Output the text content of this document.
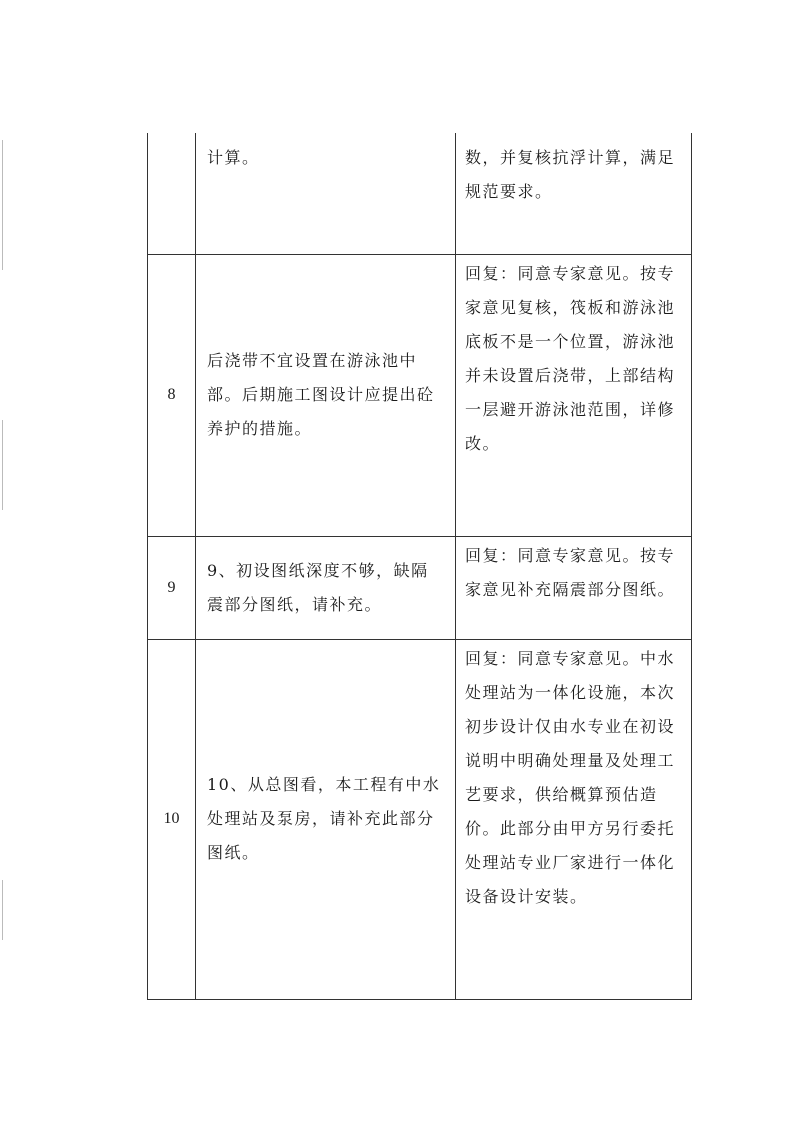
	计算。	数，并复核抗浮计算，满足规范要求。

8	后浇带不宜设置在游泳池中部。后期施工图设计应提出砼养护的措施。	回复：同意专家意见。按专家意见复核，筏板和游泳池底板不是一个位置，游泳池并未设置后浇带，上部结构一层避开游泳池范围，详修改。

9	9、初设图纸深度不够，缺隔震部分图纸，请补充。	回复：同意专家意见。按专家意见补充隔震部分图纸。

10	10、从总图看，本工程有中水处理站及泵房，请补充此部分图纸。	回复：同意专家意见。中水处理站为一体化设施，本次初步设计仅由水专业在初设说明中明确处理量及处理工艺要求，供给概算预估造价。此部分由甲方另行委托处理站专业厂家进行一体化设备设计安装。
